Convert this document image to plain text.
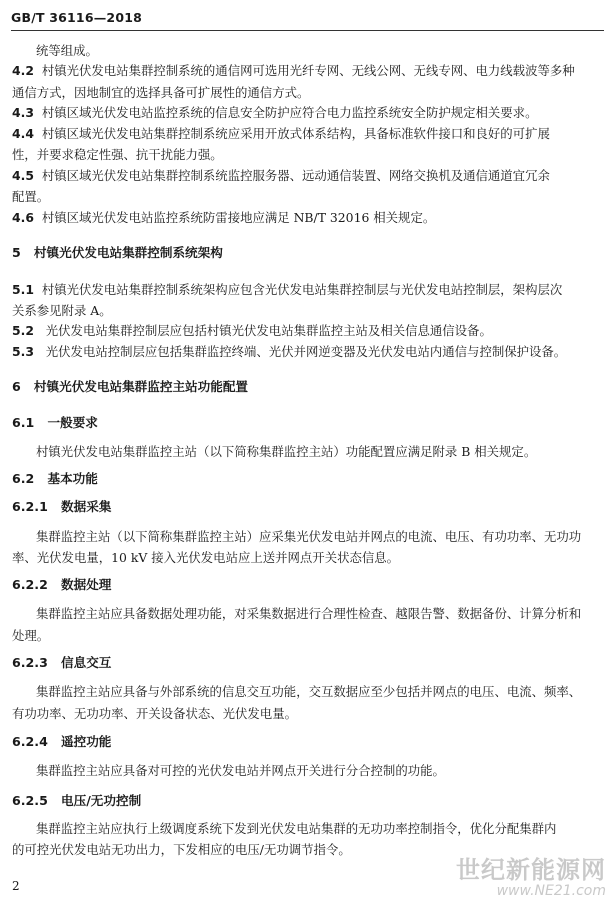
GB/T 36116—2018
统等组成。
4.2 村镇光伏发电站集群控制系统的通信网可选用光纤专网、无线公网、无线专网、电力线载波等多种
通信方式，因地制宜的选择具备可扩展性的通信方式。
4.3 村镇区域光伏发电站监控系统的信息安全防护应符合电力监控系统安全防护规定相关要求。
4.4 村镇区域光伏发电站集群控制系统应采用开放式体系结构，具备标准软件接口和良好的可扩展
性，并要求稳定性强、抗干扰能力强。
4.5 村镇区域光伏发电站集群控制系统监控服务器、远动通信装置、网络交换机及通信通道宜冗余
配置。
4.6 村镇区域光伏发电站监控系统防雷接地应满足 NB/T 32016 相关规定。
5 村镇光伏发电站集群控制系统架构
5.1 村镇光伏发电站集群控制系统架构应包含光伏发电站集群控制层与光伏发电站控制层，架构层次
关系参见附录 A。
5.2 光伏发电站集群控制层应包括村镇光伏发电站集群监控主站及相关信息通信设备。
5.3 光伏发电站控制层应包括集群监控终端、光伏并网逆变器及光伏发电站内通信与控制保护设备。
6 村镇光伏发电站集群监控主站功能配置
6.1 一般要求
村镇光伏发电站集群监控主站（以下简称集群监控主站）功能配置应满足附录 B 相关规定。
6.2 基本功能
6.2.1 数据采集
集群监控主站（以下简称集群监控主站）应采集光伏发电站并网点的电流、电压、有功功率、无功功
率、光伏发电量，10 kV 接入光伏发电站应上送并网点开关状态信息。
6.2.2 数据处理
集群监控主站应具备数据处理功能，对采集数据进行合理性检查、越限告警、数据备份、计算分析和
处理。
6.2.3 信息交互
集群监控主站应具备与外部系统的信息交互功能，交互数据应至少包括并网点的电压、电流、频率、
有功功率、无功功率、开关设备状态、光伏发电量。
6.2.4 遥控功能
集群监控主站应具备对可控的光伏发电站并网点开关进行分合控制的功能。
6.2.5 电压/无功控制
集群监控主站应执行上级调度系统下发到光伏发电站集群的无功功率控制指令，优化分配集群内
的可控光伏发电站无功出力，下发相应的电压/无功调节指令。
2
世纪新能源网
www.NE21.com
